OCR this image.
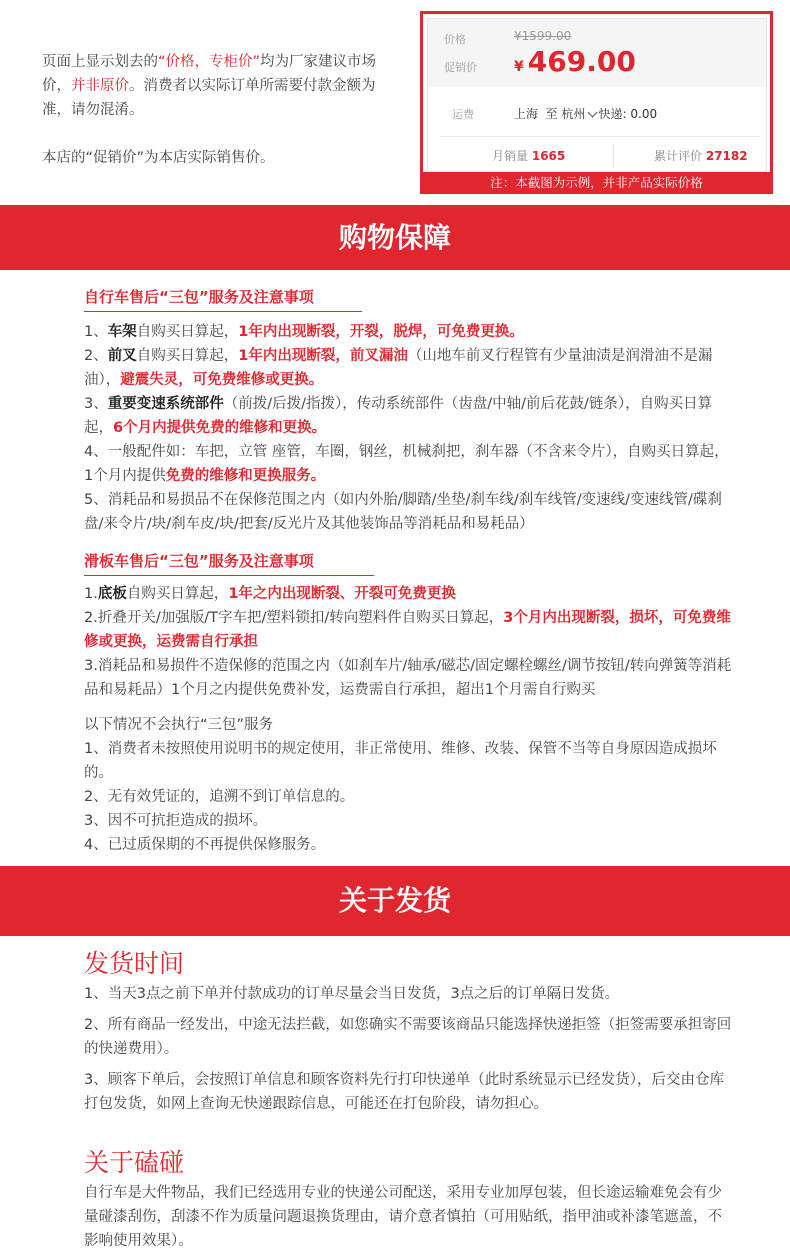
页面上显示划去的“价格，专柜价”均为厂家建议市场价，并非原价。消费者以实际订单所需要付款金额为准，请勿混淆。

本店的“促销价”为本店实际销售价。

价格	¥1599.00
促销价	¥ 469.00
运费	上海 至 杭州 快递: 0.00
月销量 1665	累计评价 27182
注：本截图为示例，并非产品实际价格
购物保障
自行车售后“三包”服务及注意事项
1、车架自购买日算起，1年内出现断裂，开裂，脱焊，可免费更换。
2、前叉自购买日算起，1年内出现断裂，前叉漏油（山地车前叉行程管有少量油渍是润滑油不是漏油），避震失灵，可免费维修或更换。
3、重要变速系统部件（前拨/后拨/指拨），传动系统部件（齿盘/中轴/前后花鼓/链条），自购买日算起，6个月内提供免费的维修和更换。
4、一般配件如：车把，立管 座管，车圈，钢丝，机械刹把，刹车器（不含来令片），自购买日算起，1个月内提供免费的维修和更换服务。
5、消耗品和易损品不在保修范围之内（如内外胎/脚踏/坐垫/刹车线/刹车线管/变速线/变速线管/碟刹盘/来令片/块/刹车皮/块/把套/反光片及其他装饰品等消耗品和易耗品）
滑板车售后“三包”服务及注意事项
1.底板自购买日算起，1年之内出现断裂、开裂可免费更换
2.折叠开关/加强版/T字车把/塑料锁扣/转向塑料件自购买日算起，3个月内出现断裂，损坏，可免费维修或更换，运费需自行承担
3.消耗品和易损件不造保修的范围之内（如刹车片/轴承/磁芯/固定螺栓螺丝/调节按钮/转向弹簧等消耗品和易耗品）1个月之内提供免费补发，运费需自行承担，超出1个月需自行购买
以下情况不会执行“三包”服务
1、消费者未按照使用说明书的规定使用，非正常使用、维修、改装、保管不当等自身原因造成损坏的。
2、无有效凭证的，追溯不到订单信息的。
3、因不可抗拒造成的损坏。
4、已过质保期的不再提供保修服务。
关于发货
发货时间
1、当天3点之前下单并付款成功的订单尽量会当日发货，3点之后的订单隔日发货。
2、所有商品一经发出，中途无法拦截，如您确实不需要该商品只能选择快递拒签（拒签需要承担寄回的快递费用）。
3、顾客下单后，会按照订单信息和顾客资料先行打印快递单（此时系统显示已经发货），后交由仓库打包发货，如网上查询无快递跟踪信息，可能还在打包阶段，请勿担心。
关于磕碰
自行车是大件物品，我们已经选用专业的快递公司配送，采用专业加厚包装，但长途运输难免会有少量碰漆刮伤，刮漆不作为质量问题退换货理由，请介意者慎拍（可用贴纸，指甲油或补漆笔遮盖，不影响使用效果）。
